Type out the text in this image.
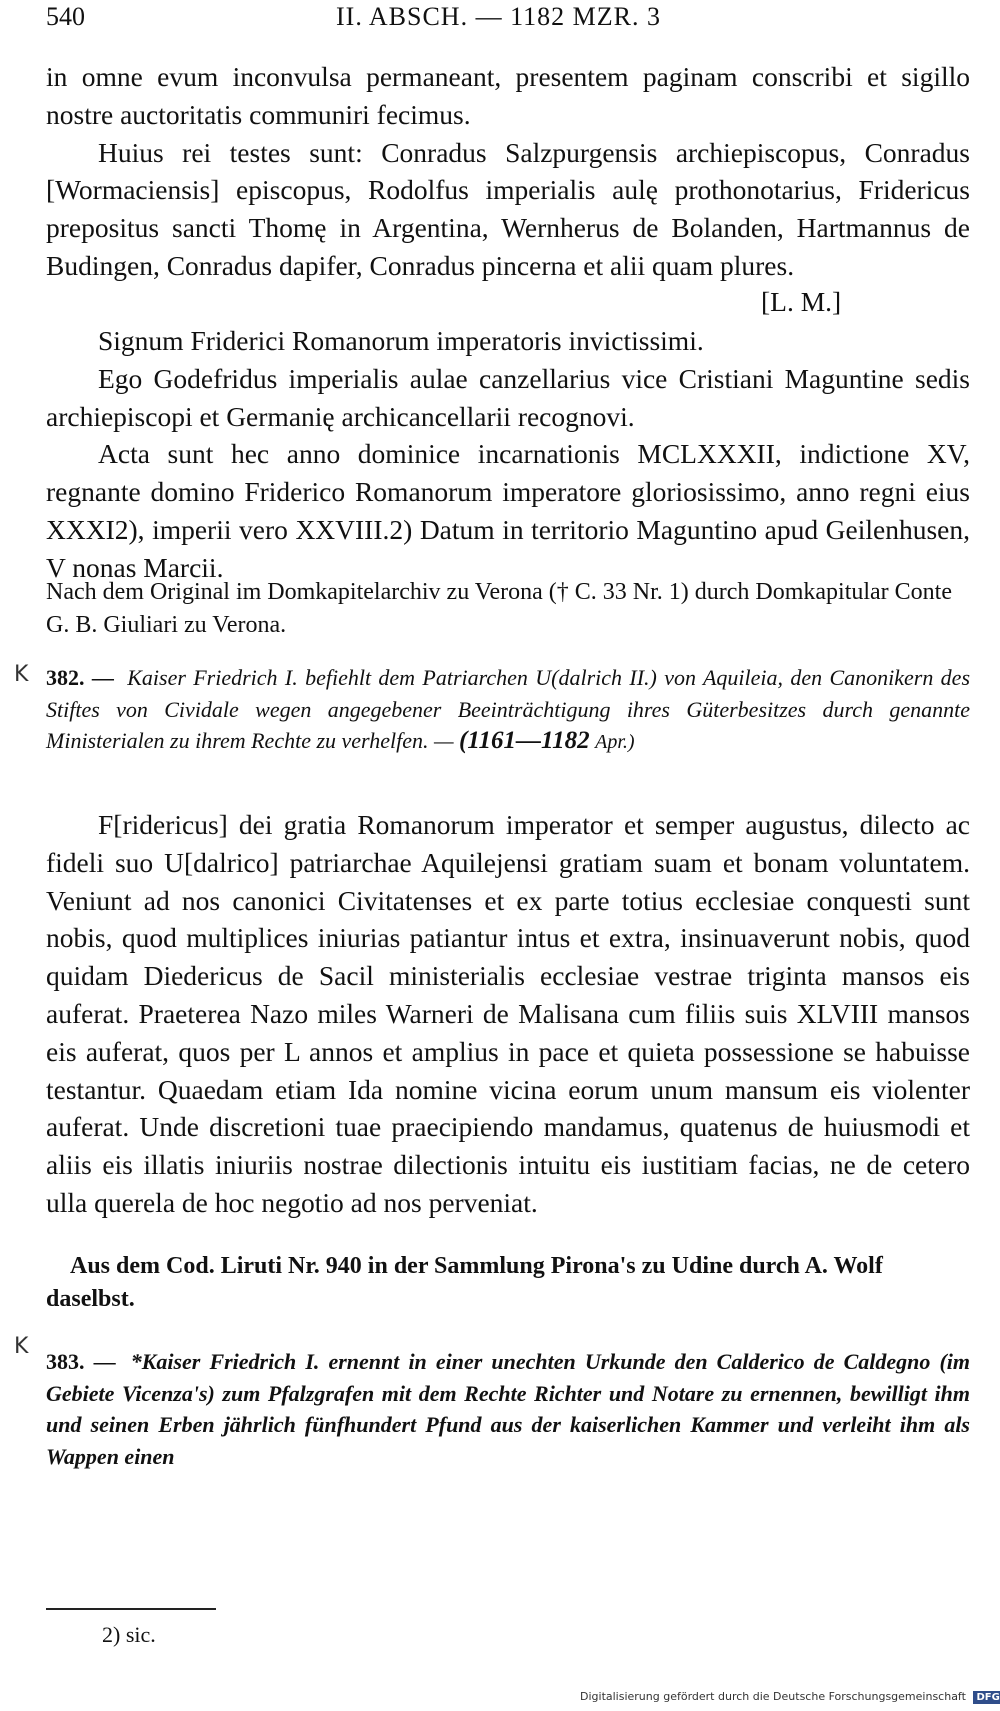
540	II. ABSCH. — 1182 MZR. 3

in omne evum inconvulsa permaneant, presentem paginam conscribi et sigillo nostre auctoritatis communiri fecimus.

Huius rei testes sunt: Conradus Salzpurgensis archiepiscopus, Conradus [Wormaciensis] episcopus, Rodolfus imperialis aulę prothonotarius, Fridericus prepositus sancti Thomę in Argentina, Wernherus de Bolanden, Hartmannus de Budingen, Conradus dapifer, Conradus pincerna et alii quam plures.

[L. M.]

Signum Friderici Romanorum imperatoris invictissimi.

Ego Godefridus imperialis aulae canzellarius vice Cristiani Maguntine sedis archiepiscopi et Germanię archicancellarii recognovi.

Acta sunt hec anno dominice incarnationis MCLXXXII, indictione XV, regnante domino Friderico Romanorum imperatore gloriosissimo, anno regni eius XXXI2), imperii vero XXVIII.2) Datum in territorio Maguntino apud Geilenhusen, V nonas Marcii.

Nach dem Original im Domkapitelarchiv zu Verona († C. 33 Nr. 1) durch Domkapitular Conte G. B. Giuliari zu Verona.

K 382. — Kaiser Friedrich I. befiehlt dem Patriarchen U(dalrich II.) von Aquileia, den Canonikern des Stiftes von Cividale wegen angegebener Beeinträchtigung ihres Güterbesitzes durch genannte Ministerialen zu ihrem Rechte zu verhelfen. — (1161—1182 Apr.)

F[ridericus] dei gratia Romanorum imperator et semper augustus, dilecto ac fideli suo U[dalrico] patriarchae Aquilejensi gratiam suam et bonam voluntatem. Veniunt ad nos canonici Civitatenses et ex parte totius ecclesiae conquesti sunt nobis, quod multiplices iniurias patiantur intus et extra, insinuaverunt nobis, quod quidam Diedericus de Sacil ministerialis ecclesiae vestrae triginta mansos eis auferat. Praeterea Nazo miles Warneri de Malisana cum filiis suis XLVIII mansos eis auferat, quos per L annos et amplius in pace et quieta possessione se habuisse testantur. Quaedam etiam Ida nomine vicina eorum unum mansum eis violenter auferat. Unde discretioni tuae praecipiendo mandamus, quatenus de huiusmodi et aliis eis illatis iniuriis nostrae dilectionis intuitu eis iustitiam facias, ne de cetero ulla querela de hoc negotio ad nos perveniat.

Aus dem Cod. Liruti Nr. 940 in der Sammlung Pirona's zu Udine durch A. Wolf daselbst.

K

383. — *Kaiser Friedrich I. ernennt in einer unechten Urkunde den Calderico de Caldegno (im Gebiete Vicenza's) zum Pfalzgrafen mit dem Rechte Richter und Notare zu ernennen, bewilligt ihm und seinen Erben jährlich fünfhundert Pfund aus der kaiserlichen Kammer und verleiht ihm als Wappen einen

2) sic.
Digitalisierung gefördert durch die Deutsche Forschungsgemeinschaft DFG
